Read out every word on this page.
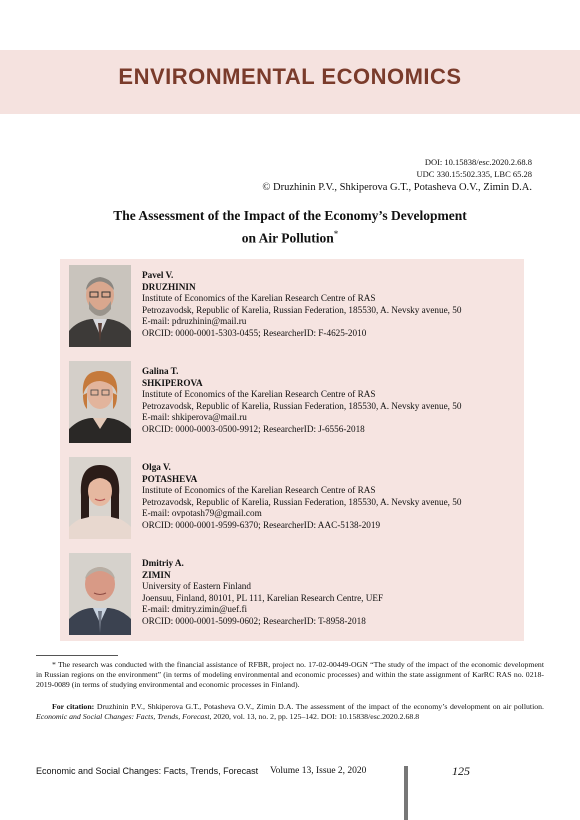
ENVIRONMENTAL ECONOMICS
DOI: 10.15838/esc.2020.2.68.8
UDC 330.15:502.335, LBC 65.28
© Druzhinin P.V., Shkiperova G.T., Potasheva O.V., Zimin D.A.
The Assessment of the Impact of the Economy’s Development
on Air Pollution*
Pavel V.
DRUZHININ
Institute of Economics of the Karelian Research Centre of RAS
Petrozavodsk, Republic of Karelia, Russian Federation, 185530, A. Nevsky avenue, 50
E-mail: pdruzhinin@mail.ru
ORCID: 0000-0001-5303-0455; ResearcherID: F-4625-2010
Galina T.
SHKIPEROVA
Institute of Economics of the Karelian Research Centre of RAS
Petrozavodsk, Republic of Karelia, Russian Federation, 185530, A. Nevsky avenue, 50
E-mail: shkiperova@mail.ru
ORCID: 0000-0003-0500-9912; ResearcherID: J-6556-2018
Olga V.
POTASHEVA
Institute of Economics of the Karelian Research Centre of RAS
Petrozavodsk, Republic of Karelia, Russian Federation, 185530, A. Nevsky avenue, 50
E-mail: ovpotash79@gmail.com
ORCID: 0000-0001-9599-6370; ResearcherID: AAC-5138-2019
Dmitriy A.
ZIMIN
University of Eastern Finland
Joensuu, Finland, 80101, PL 111, Karelian Research Centre, UEF
E-mail: dmitry.zimin@uef.fi
ORCID: 0000-0001-5099-0602; ResearcherID: T-8958-2018
* The research was conducted with the financial assistance of RFBR, project no. 17-02-00449-OGN “The study of the impact of the economic development in Russian regions on the environment” (in terms of modeling environmental and economic processes) and within the state assignment of KarRC RAS no. 0218-2019-0089 (in terms of studying environmental and economic processes in Finland).
For citation: Druzhinin P.V., Shkiperova G.T., Potasheva O.V., Zimin D.A. The assessment of the impact of the economy’s development on air pollution. Economic and Social Changes: Facts, Trends, Forecast, 2020, vol. 13, no. 2, pp. 125–142. DOI: 10.15838/esc.2020.2.68.8
Economic and Social Changes: Facts, Trends, Forecast Volume 13, Issue 2, 2020	125
